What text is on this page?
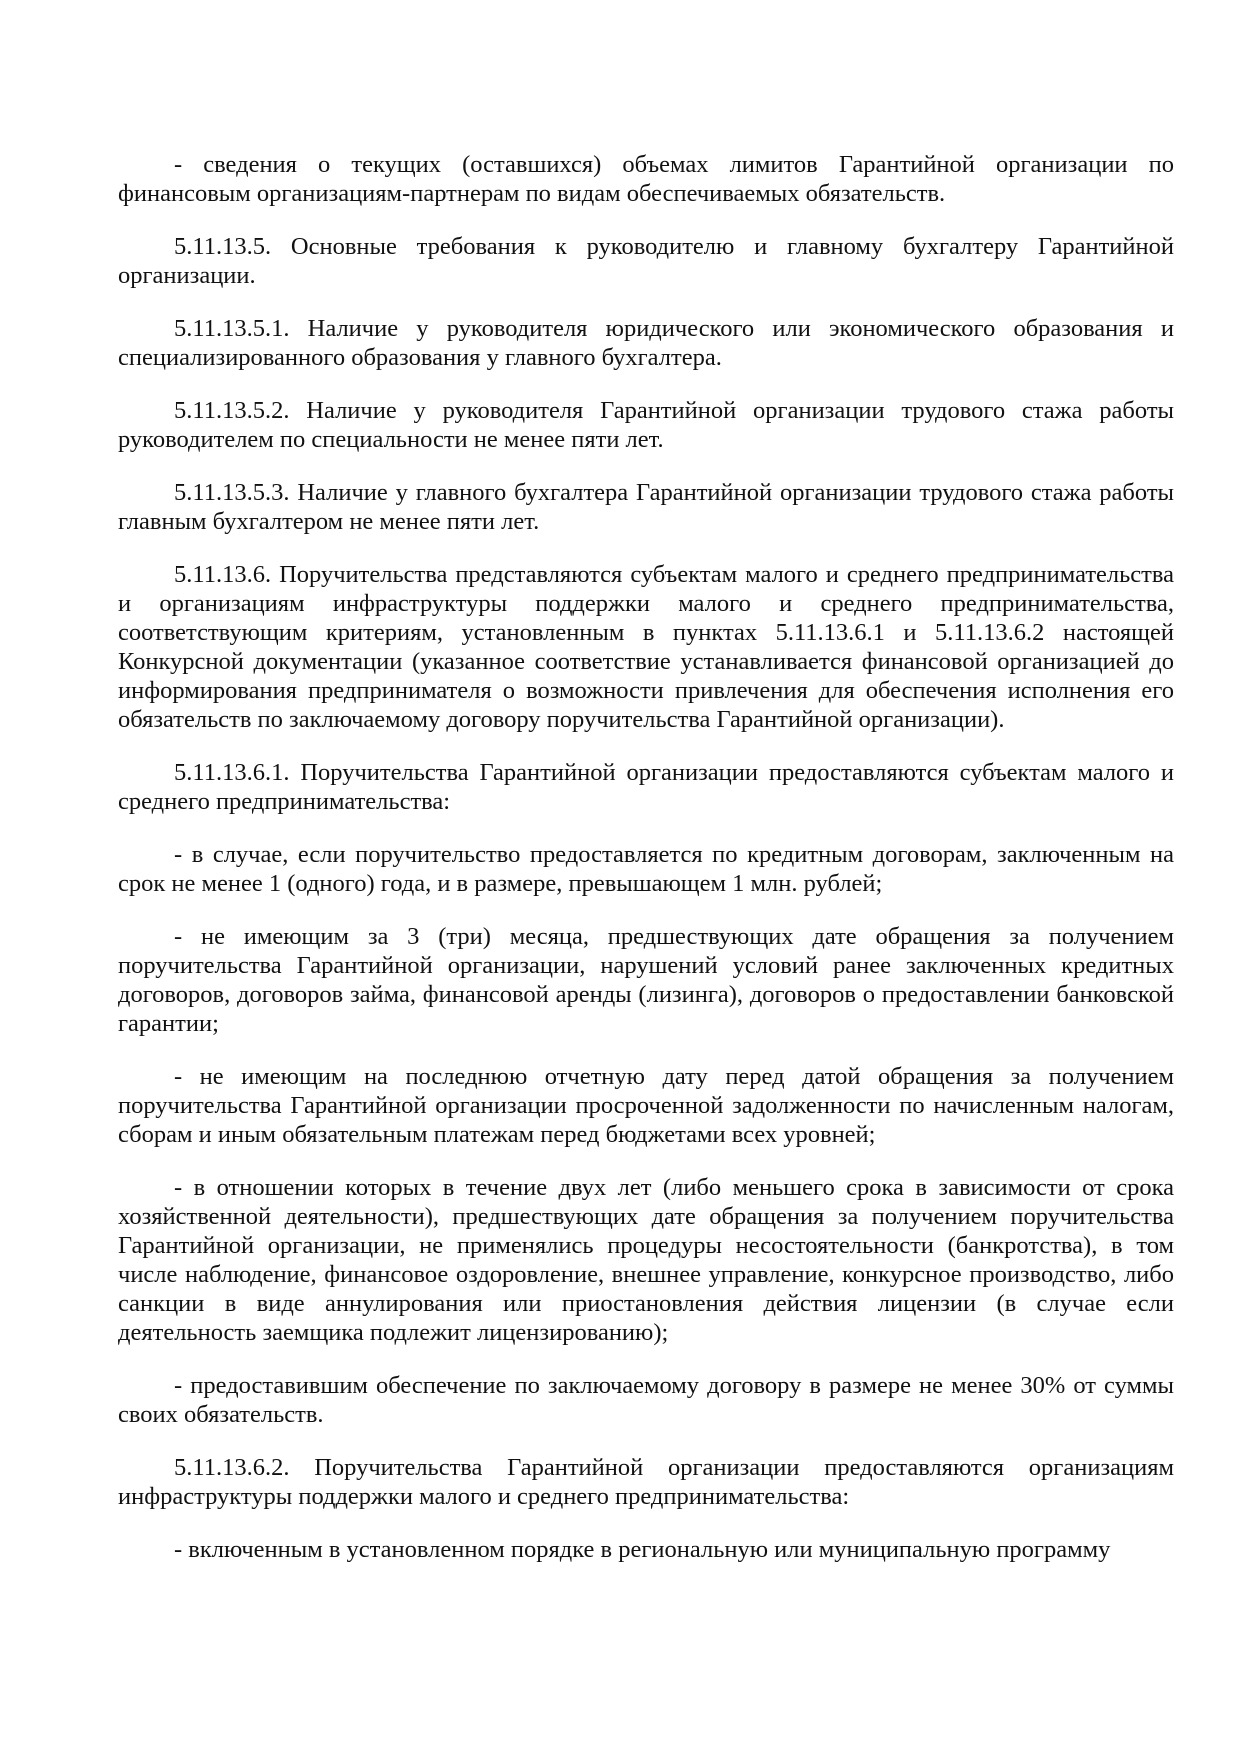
- сведения о текущих (оставшихся) объемах лимитов Гарантийной организации по финансовым организациям-партнерам по видам обеспечиваемых обязательств.

5.11.13.5. Основные требования к руководителю и главному бухгалтеру Гарантийной организации.

5.11.13.5.1. Наличие у руководителя юридического или экономического образования и специализированного образования у главного бухгалтера.

5.11.13.5.2. Наличие у руководителя Гарантийной организации трудового стажа работы руководителем по специальности не менее пяти лет.

5.11.13.5.3. Наличие у главного бухгалтера Гарантийной организации трудового стажа работы главным бухгалтером не менее пяти лет.

5.11.13.6. Поручительства представляются субъектам малого и среднего предпринимательства и организациям инфраструктуры поддержки малого и среднего предпринимательства, соответствующим критериям, установленным в пунктах 5.11.13.6.1 и 5.11.13.6.2 настоящей Конкурсной документации (указанное соответствие устанавливается финансовой организацией до информирования предпринимателя о возможности привлечения для обеспечения исполнения его обязательств по заключаемому договору поручительства Гарантийной организации).

5.11.13.6.1. Поручительства Гарантийной организации предоставляются субъектам малого и среднего предпринимательства:

- в случае, если поручительство предоставляется по кредитным договорам, заключенным на срок не менее 1 (одного) года, и в размере, превышающем 1 млн. рублей;

- не имеющим за 3 (три) месяца, предшествующих дате обращения за получением поручительства Гарантийной организации, нарушений условий ранее заключенных кредитных договоров, договоров займа, финансовой аренды (лизинга), договоров о предоставлении банковской гарантии;

- не имеющим на последнюю отчетную дату перед датой обращения за получением поручительства Гарантийной организации просроченной задолженности по начисленным налогам, сборам и иным обязательным платежам перед бюджетами всех уровней;

- в отношении которых в течение двух лет (либо меньшего срока в зависимости от срока хозяйственной деятельности), предшествующих дате обращения за получением поручительства Гарантийной организации, не применялись процедуры несостоятельности (банкротства), в том числе наблюдение, финансовое оздоровление, внешнее управление, конкурсное производство, либо санкции в виде аннулирования или приостановления действия лицензии (в случае если деятельность заемщика подлежит лицензированию);

- предоставившим обеспечение по заключаемому договору в размере не менее 30% от суммы своих обязательств.

5.11.13.6.2. Поручительства Гарантийной организации предоставляются организациям инфраструктуры поддержки малого и среднего предпринимательства:

- включенным в установленном порядке в региональную или муниципальную программу
